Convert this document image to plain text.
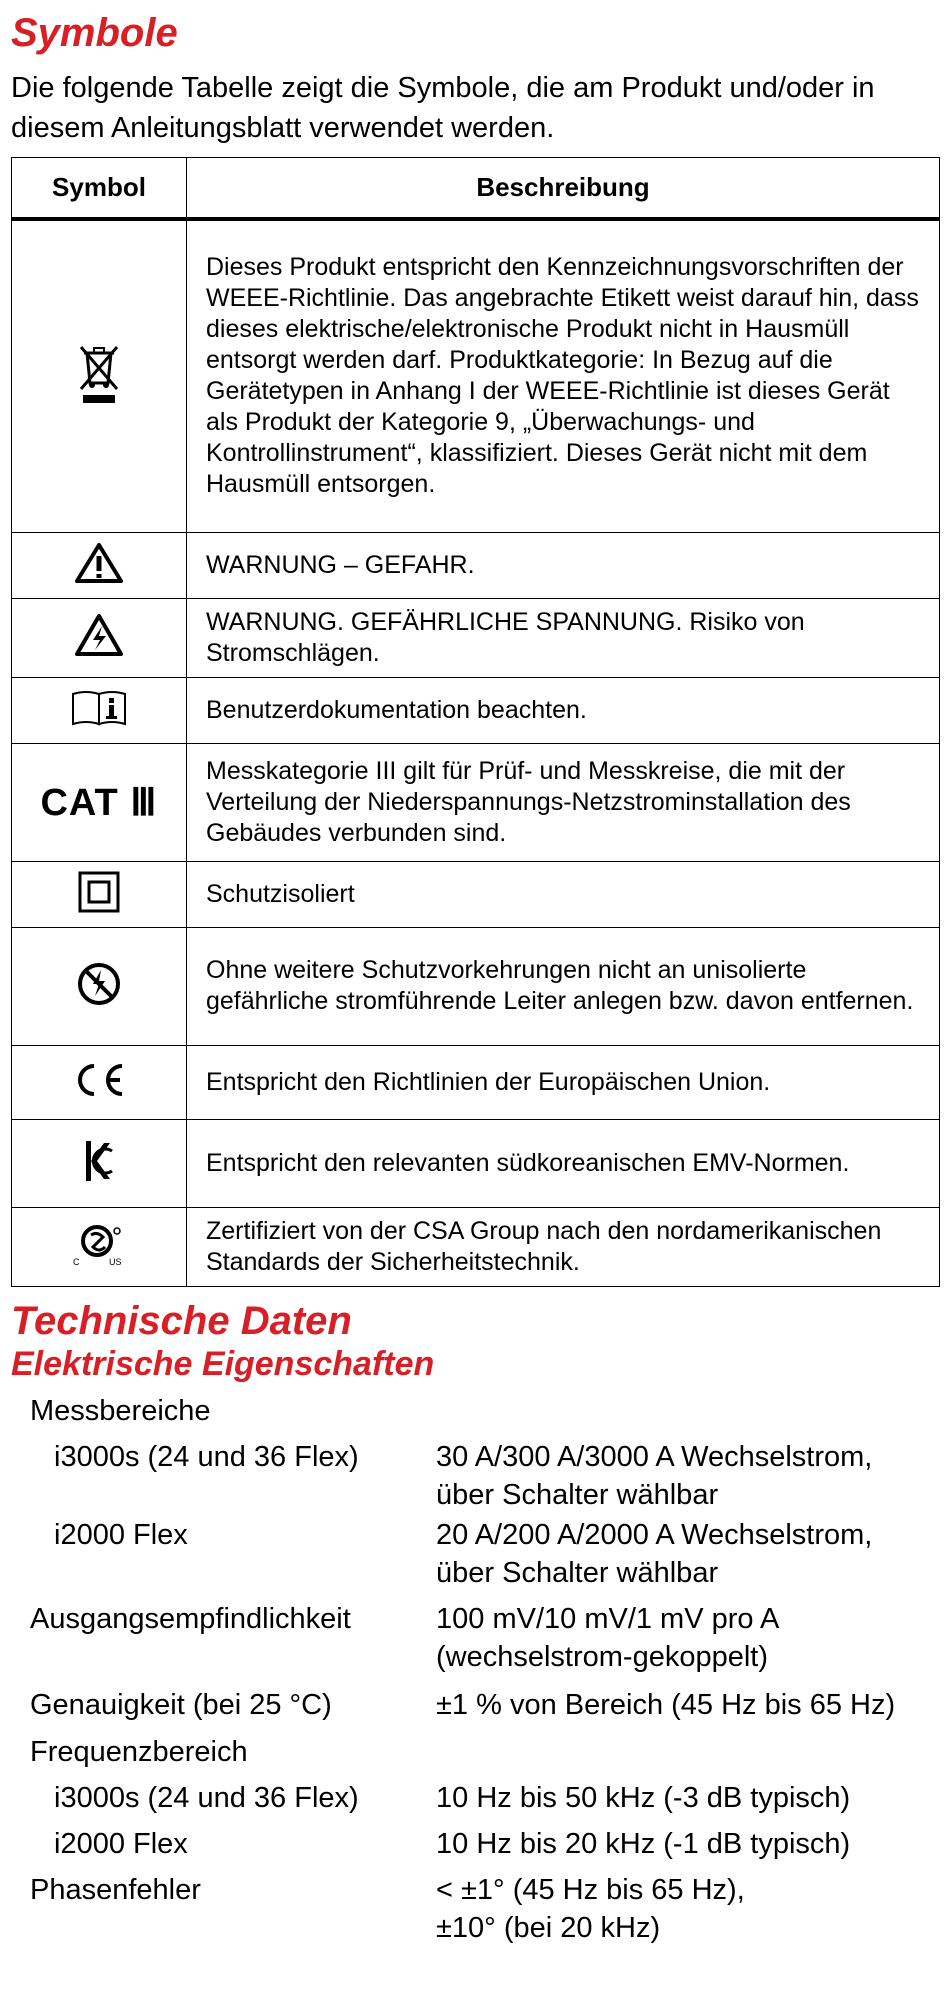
Symbole

Die folgende Tabelle zeigt die Symbole, die am Produkt und/oder in diesem Anleitungsblatt verwendet werden.

Symbol	Beschreibung
	Dieses Produkt entspricht den Kennzeichnungsvorschriften der WEEE-Richtlinie. Das angebrachte Etikett weist darauf hin, dass dieses elektrische/elektronische Produkt nicht in Hausmüll entsorgt werden darf. Produktkategorie: In Bezug auf die Gerätetypen in Anhang I der WEEE-Richtlinie ist dieses Gerät als Produkt der Kategorie 9, „Überwachungs- und Kontrollinstrument“, klassifiziert. Dieses Gerät nicht mit dem Hausmüll entsorgen.
	WARNUNG – GEFAHR.
	WARNUNG. GEFÄHRLICHE SPANNUNG. Risiko von Stromschlägen.
	Benutzerdokumentation beachten.
CAT Ⅲ	Messkategorie III gilt für Prüf- und Messkreise, die mit der Verteilung der Niederspannungs-Netzstrominstallation des Gebäudes verbunden sind.
	Schutzisoliert
	Ohne weitere Schutzvorkehrungen nicht an unisolierte gefährliche stromführende Leiter anlegen bzw. davon entfernen.
	Entspricht den Richtlinien der Europäischen Union.
	Entspricht den relevanten südkoreanischen EMV-Normen.

C US	Zertifiziert von der CSA Group nach den nordamerikanischen Standards der Sicherheitstechnik.
Technische Daten
Elektrische Eigenschaften
Messbereiche
i3000s (24 und 36 Flex)	30 A/300 A/3000 A Wechselstrom,
über Schalter wählbar
i2000 Flex	20 A/200 A/2000 A Wechselstrom,
über Schalter wählbar
Ausgangsempfindlichkeit	100 mV/10 mV/1 mV pro A
(wechselstrom-gekoppelt)
Genauigkeit (bei 25 °C)	±1 % von Bereich (45 Hz bis 65 Hz)
Frequenzbereich
i3000s (24 und 36 Flex)	10 Hz bis 50 kHz (-3 dB typisch)
i2000 Flex	10 Hz bis 20 kHz (-1 dB typisch)
Phasenfehler	< ±1° (45 Hz bis 65 Hz),
±10° (bei 20 kHz)
